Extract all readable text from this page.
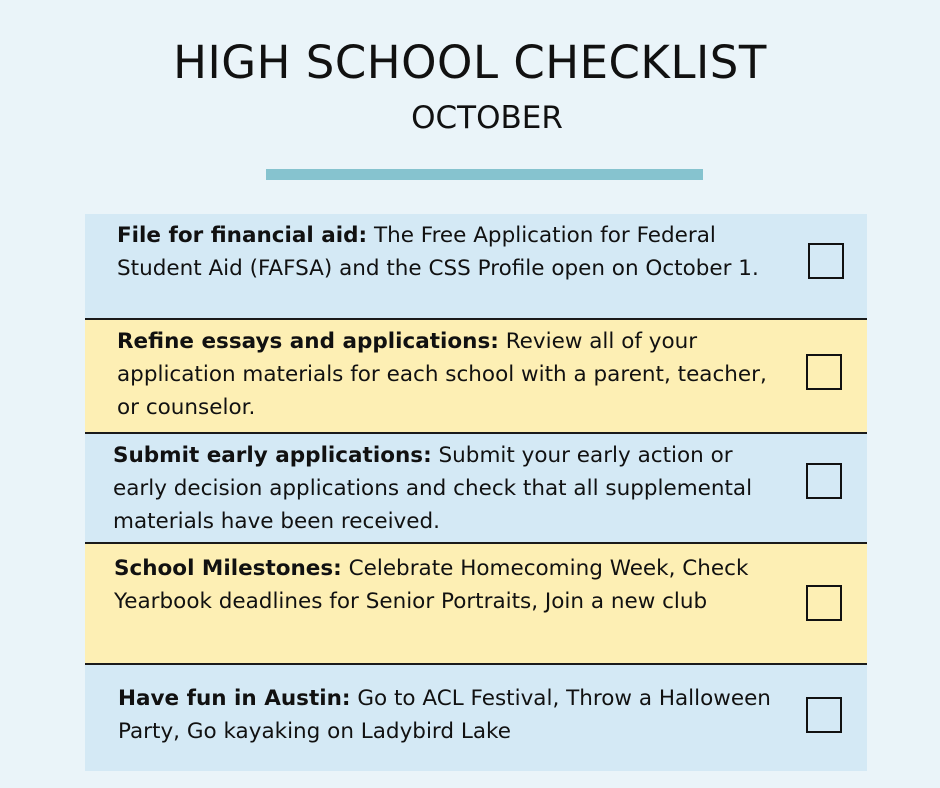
HIGH SCHOOL CHECKLIST
OCTOBER
File for financial aid: The Free Application for Federal Student Aid (FAFSA) and the CSS Profile open on October 1.
Refine essays and applications: Review all of your application materials for each school with a parent, teacher, or counselor.
Submit early applications: Submit your early action or early decision applications and check that all supplemental materials have been received.
School Milestones: Celebrate Homecoming Week, Check Yearbook deadlines for Senior Portraits, Join a new club
Have fun in Austin: Go to ACL Festival, Throw a Halloween Party, Go kayaking on Ladybird Lake
